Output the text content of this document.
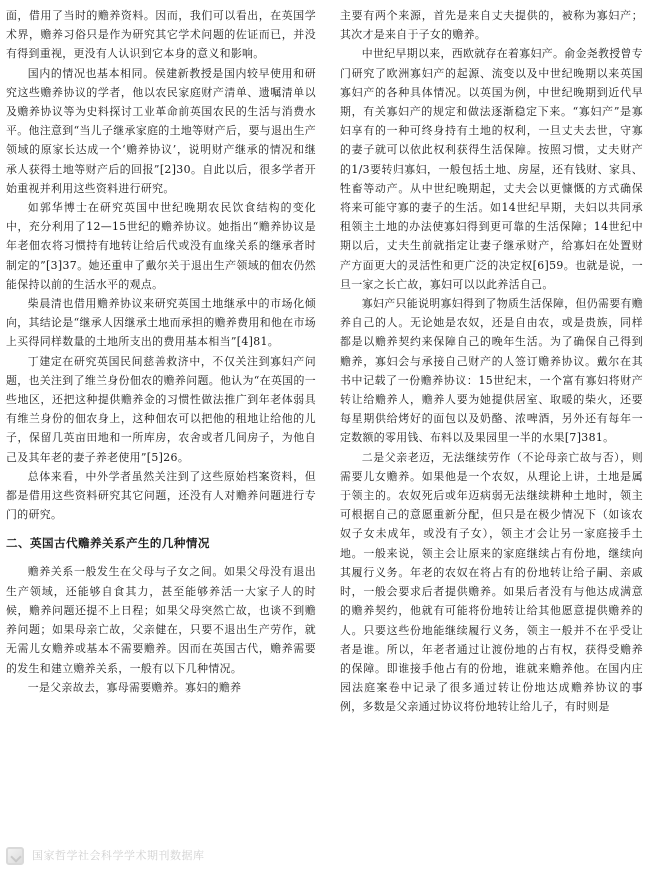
面，借用了当时的赡养资料。因而，我们可以看出，在英国学术界，赡养习俗只是作为研究其它学术问题的佐证而已，并没有得到重视，更没有人认识到它本身的意义和影响。

国内的情况也基本相同。侯建新教授是国内较早使用和研究这些赡养协议的学者，他以农民家庭财产清单、遗嘱清单以及赡养协议等为史料探讨工业革命前英国农民的生活与消费水平。他注意到“当儿子继承家庭的土地等财产后，要与退出生产领域的原家长达成一个‘赡养协议’，说明财产继承的情况和继承人获得土地等财产后的回报”[2]30。自此以后，很多学者开始重视并利用这些资料进行研究。

如郭华博士在研究英国中世纪晚期农民饮食结构的变化中，充分利用了12—15世纪的赡养协议。她指出“赡养协议是年老佃农将习惯持有地转让给后代或没有血缘关系的继承者时制定的”[3]37。她还重申了戴尔关于退出生产领域的佃农仍然能保持以前的生活水平的观点。

柴晨清也借用赡养协议来研究英国土地继承中的市场化倾向，其结论是“继承人因继承土地而承担的赡养费用和他在市场上买得同样数量的土地所支出的费用基本相当”[4]81。

丁建定在研究英国民间慈善救济中，不仅关注到寡妇产问题，也关注到了维兰身份佃农的赡养问题。他认为“在英国的一些地区，还把这种提供赡养金的习惯性做法推广到年老体弱具有维兰身份的佃农身上，这种佃农可以把他的租地让给他的儿子，保留几英亩田地和一所库房，农舍或者几间房子，为他自己及其年老的妻子养老使用”[5]26。

总体来看，中外学者虽然关注到了这些原始档案资料，但都是借用这些资料研究其它问题，还没有人对赡养问题进行专门的研究。

二、英国古代赡养关系产生的几种情况

赡养关系一般发生在父母与子女之间。如果父母没有退出生产领域，还能够自食其力，甚至能够养活一大家子人的时候，赡养问题还提不上日程；如果父母突然亡故，也谈不到赡养问题；如果母亲亡故，父亲健在，只要不退出生产劳作，就无需儿女赡养或基本不需要赡养。因而在英国古代，赡养需要的发生和建立赡养关系，一般有以下几种情况。

一是父亲故去，寡母需要赡养。寡妇的赡养

主要有两个来源，首先是来自丈夫提供的，被称为寡妇产；其次才是来自于子女的赡养。

中世纪早期以来，西欧就存在着寡妇产。俞金尧教授曾专门研究了欧洲寡妇产的起源、流变以及中世纪晚期以来英国寡妇产的各种具体情况。以英国为例，中世纪晚期到近代早期，有关寡妇产的规定和做法逐渐稳定下来。“寡妇产”是寡妇享有的一种可终身持有土地的权利，一旦丈夫去世，守寡的妻子就可以依此权利获得生活保障。按照习惯，丈夫财产的1/3要转归寡妇，一般包括土地、房屋，还有钱财、家具、牲畜等动产。从中世纪晚期起，丈夫会以更慷慨的方式确保将来可能守寡的妻子的生活。如14世纪早期，夫妇以共同承租领主土地的办法使寡妇得到更可靠的生活保障；14世纪中期以后，丈夫生前就指定让妻子继承财产，给寡妇在处置财产方面更大的灵活性和更广泛的决定权[6]59。也就是说，一旦一家之长亡故，寡妇可以以此养活自己。

寡妇产只能说明寡妇得到了物质生活保障，但仍需要有赡养自己的人。无论她是农奴，还是自由农，或是贵族，同样都是以赡养契约来保障自己的晚年生活。为了确保自己得到赡养，寡妇会与承接自己财产的人签订赡养协议。戴尔在其书中记载了一份赡养协议：15世纪末，一个富有寡妇将财产转让给赡养人，赡养人要为她提供居室、取暖的柴火，还要每星期供给烤好的面包以及奶酪、浓啤酒，另外还有每年一定数额的零用钱、布料以及果园里一半的水果[7]381。

二是父亲老迈，无法继续劳作（不论母亲亡故与否），则需要儿女赡养。如果他是一个农奴，从理论上讲，土地是属于领主的。农奴死后或年迈病弱无法继续耕种土地时，领主可根据自己的意愿重新分配，但只是在极少情况下（如该农奴子女未成年，或没有子女），领主才会让另一家庭接手土地。一般来说，领主会让原来的家庭继续占有份地，继续向其履行义务。年老的农奴在将占有的份地转让给子嗣、亲戚时，一般会要求后者提供赡养。如果后者没有与他达成满意的赡养契约，他就有可能将份地转让给其他愿意提供赡养的人。只要这些份地能继续履行义务，领主一般并不在乎受让者是谁。所以，年老者通过让渡份地的占有权，获得受赡养的保障。即谁接手他占有的份地，谁就来赡养他。在国内庄园法庭案卷中记录了很多通过转让份地达成赡养协议的事例，多数是父亲通过协议将份地转让给儿子，有时则是

国家哲学社会科学学术期刊数据库
